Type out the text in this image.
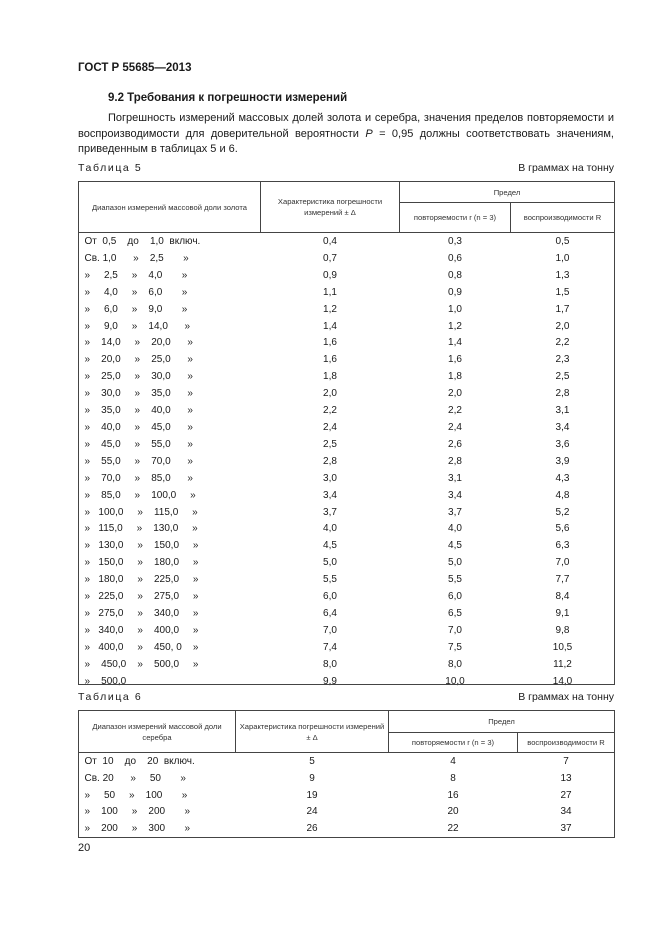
ГОСТ Р 55685—2013
9.2 Требования к погрешности измерений

Погрешность измерений массовых долей золота и серебра, значения пределов повторяемости и воспроизводимости для доверительной вероятности P = 0,95 должны соответствовать значениям, приведенным в таблицах 5 и 6.

Таблица 5	В граммах на тонну
Диапазон измерений массовой доли золота	Характеристика погрешности измерений ± Δ	Предел	
		повторяемости r (n = 3)	воспроизводимости R
От  0,5    до    1,0  включ.	0,4	0,3	0,5
Св. 1,0      »    2,5       »	0,7	0,6	1,0
»     2,5     »    4,0       »	0,9	0,8	1,3
»     4,0     »    6,0       »	1,1	0,9	1,5
»     6,0     »    9,0       »	1,2	1,0	1,7
»     9,0     »    14,0      »	1,4	1,2	2,0
»    14,0     »    20,0      »	1,6	1,4	2,2
»    20,0     »    25,0      »	1,6	1,6	2,3
»    25,0     »    30,0      »	1,8	1,8	2,5
»    30,0     »    35,0      »	2,0	2,0	2,8
»    35,0     »    40,0      »	2,2	2,2	3,1
»    40,0     »    45,0      »	2,4	2,4	3,4
»    45,0     »    55,0      »	2,5	2,6	3,6
»    55,0     »    70,0      »	2,8	2,8	3,9
»    70,0     »    85,0      »	3,0	3,1	4,3
»    85,0     »    100,0     »	3,4	3,4	4,8
»   100,0     »    115,0     »	3,7	3,7	5,2
»   115,0     »    130,0     »	4,0	4,0	5,6
»   130,0     »    150,0     »	4,5	4,5	6,3
»   150,0     »    180,0     »	5,0	5,0	7,0
»   180,0     »    225,0     »	5,5	5,5	7,7
»   225,0     »    275,0     »	6,0	6,0	8,4
»   275,0     »    340,0     »	6,4	6,5	9,1
»   340,0     »    400,0     »	7,0	7,0	9,8
»   400,0     »    450, 0    »	7,4	7,5	10,5
»    450,0    »    500,0     »	8,0	8,0	11,2
»    500,0	9,9	10,0	14,0
Таблица 6	В граммах на тонну
Диапазон измерений массовой доли серебра	Характеристика погрешности измерений ± Δ	Предел	
		повторяемости r (n = 3)	воспроизводимости R
От  10    до    20  включ.	5	4	7
Св. 20      »     50       »	9	8	13
»     50     »    100       »	19	16	27
»    100     »    200       »	24	20	34
»    200     »    300       »	26	22	37
20
